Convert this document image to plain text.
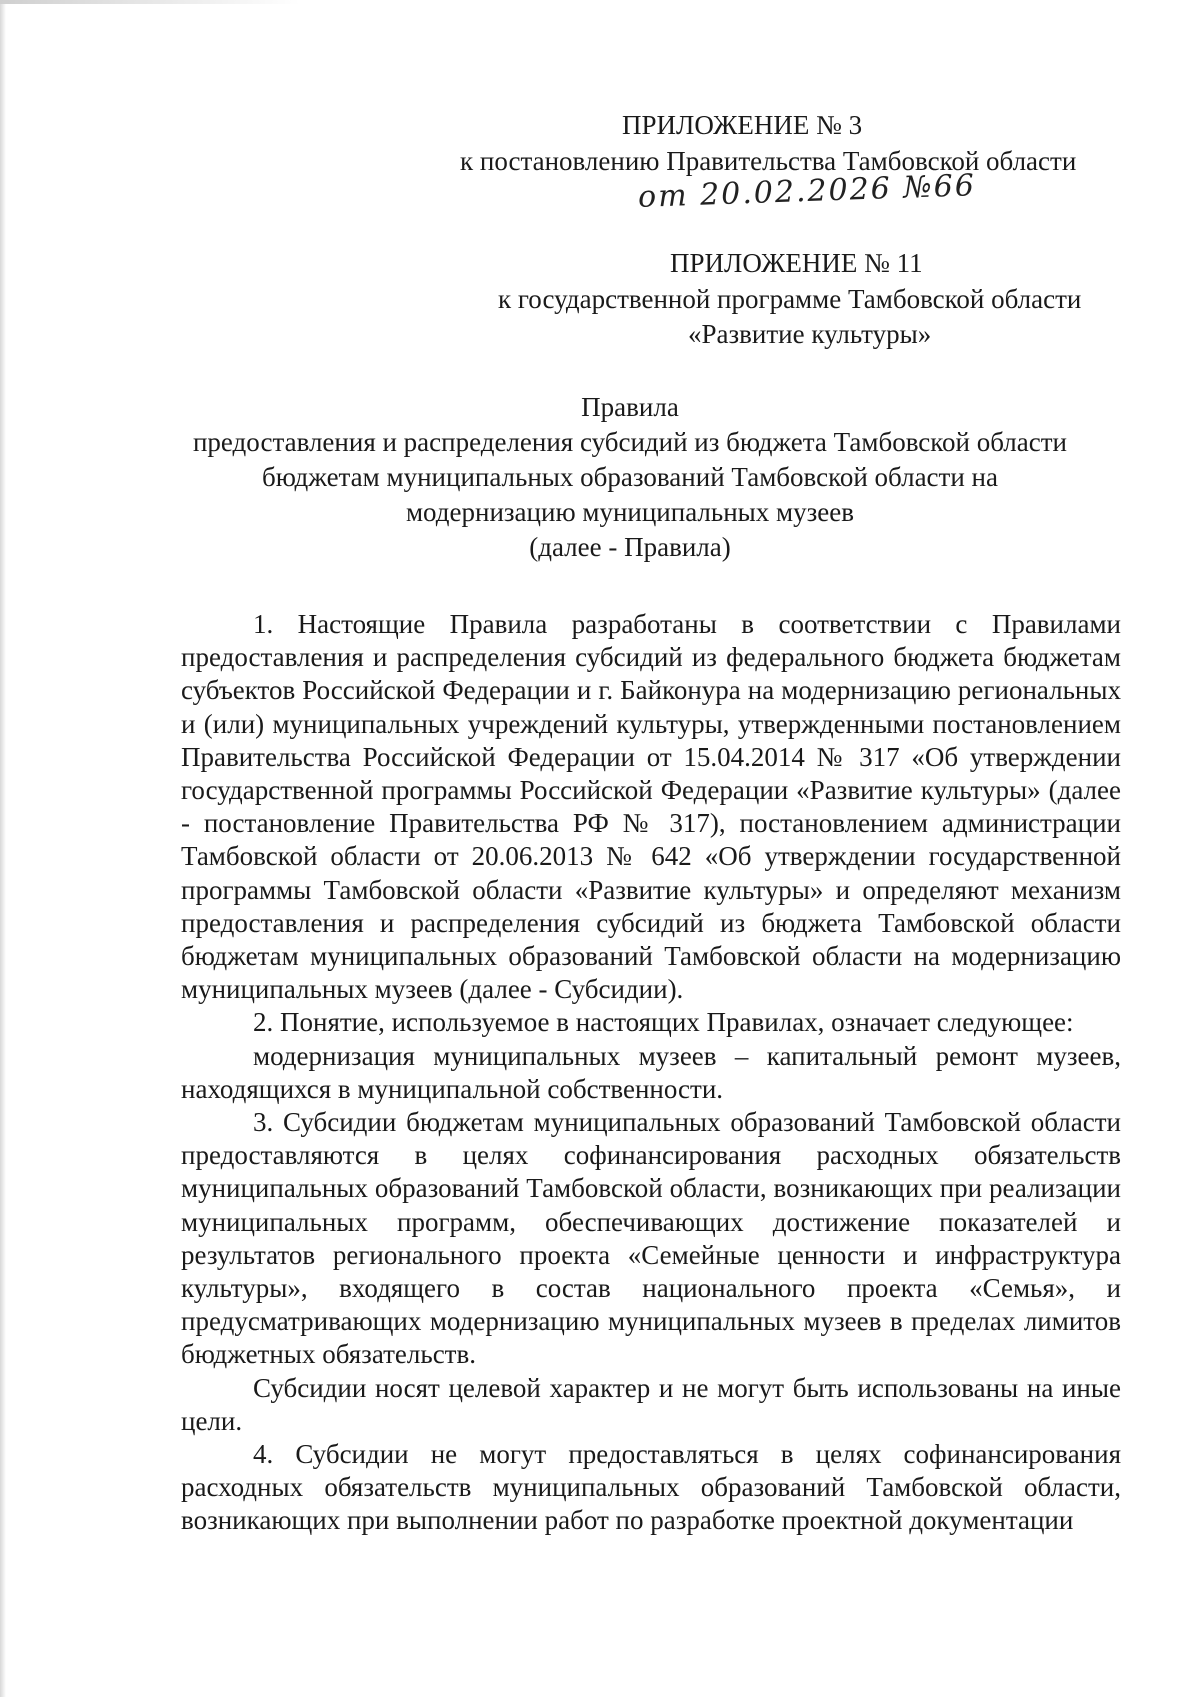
ПРИЛОЖЕНИЕ № 3
к постановлению Правительства Тамбовской области
от 20.02.2026 №66
ПРИЛОЖЕНИЕ № 11
к государственной программе Тамбовской области
«Развитие культуры»
Правила
предоставления и распределения субсидий из бюджета Тамбовской области
бюджетам муниципальных образований Тамбовской области на
модернизацию муниципальных музеев
(далее - Правила)

1. Настоящие Правила разработаны в соответствии с Правилами предоставления и распределения субсидий из федерального бюджета бюджетам субъектов Российской Федерации и г. Байконура на модернизацию региональных и (или) муниципальных учреждений культуры, утвержденными постановлением Правительства Российской Федерации от 15.04.2014 № 317 «Об утверждении государственной программы Российской Федерации «Развитие культуры» (далее - постановление Правительства РФ № 317), постановлением администрации Тамбовской области от 20.06.2013 № 642 «Об утверждении государственной программы Тамбовской области «Развитие культуры» и определяют механизм предоставления и распределения субсидий из бюджета Тамбовской области бюджетам муниципальных образований Тамбовской области на модернизацию муниципальных музеев (далее - Субсидии).

2. Понятие, используемое в настоящих Правилах, означает следующее:

модернизация муниципальных музеев – капитальный ремонт музеев, находящихся в муниципальной собственности.

3. Субсидии бюджетам муниципальных образований Тамбовской области предоставляются в целях софинансирования расходных обязательств муниципальных образований Тамбовской области, возникающих при реализации муниципальных программ, обеспечивающих достижение показателей и результатов регионального проекта «Семейные ценности и инфраструктура культуры», входящего в состав национального проекта «Семья», и предусматривающих модернизацию муниципальных музеев в пределах лимитов бюджетных обязательств.

Субсидии носят целевой характер и не могут быть использованы на иные цели.

4. Субсидии не могут предоставляться в целях софинансирования расходных обязательств муниципальных образований Тамбовской области, возникающих при выполнении работ по разработке проектной документации
